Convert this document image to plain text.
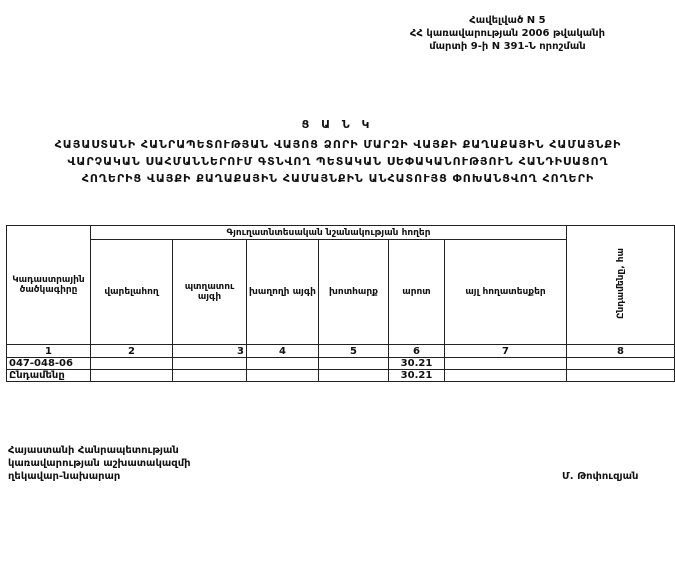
Հավելված N 5
ՀՀ կառավարության 2006 թվականի
մարտի 9-ի N 391-Ն որոշման
Ց Ա Ն Կ
ՀԱՅԱՍՏԱՆԻ ՀԱՆՐԱՊԵՏՈՒԹՅԱՆ ՎԱՅՈՑ ՁՈՐԻ ՄԱՐԶԻ ՎԱՅՔԻ ՔԱՂԱՔԱՅԻՆ ՀԱՄԱՅՆՔԻ
ՎԱՐՉԱԿԱՆ ՍԱՀՄԱՆՆԵՐՈՒՄ ԳՏՆՎՈՂ ՊԵՏԱԿԱՆ ՍԵՓԱԿԱՆՈՒԹՅՈՒՆ ՀԱՆԴԻՍԱՑՈՂ
ՀՈՂԵՐԻՑ ՎԱՅՔԻ ՔԱՂԱՔԱՅԻՆ ՀԱՄԱՅՆՔԻՆ ԱՆՀԱՏՈՒՅՑ ՓՈԽԱՆՑՎՈՂ ՀՈՂԵՐԻ
Կադաստրային ծածկագիրը	Գյուղատնտեսական նշանակության հողեր						Ընդամենը, հա
	վարելահող	պտղատու այգի	խաղողի այգի	խոտհարք	արոտ	այլ հողատեսքեր	
1	2	3	4	5	6	7	8
047-048-06					30.21		
Ընդամենը					30.21		
Հայաստանի Հանրապետության
կառավարության աշխատակազմի
ղեկավար-նախարար	Մ. Թոփուզյան
